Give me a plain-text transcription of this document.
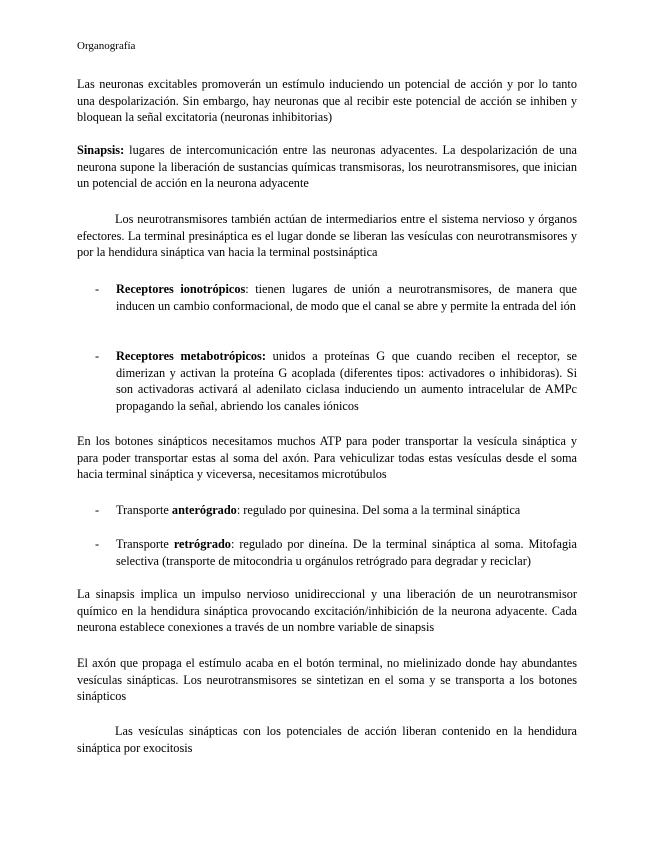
Organografía

Las neuronas excitables promoverán un estímulo induciendo un potencial de acción y por lo tanto una despolarización. Sin embargo, hay neuronas que al recibir este potencial de acción se inhiben y bloquean la señal excitatoria (neuronas inhibitorias)

Sinapsis: lugares de intercomunicación entre las neuronas adyacentes. La despolarización de una neurona supone la liberación de sustancias químicas transmisoras, los neurotransmisores, que inician un potencial de acción en la neurona adyacente

Los neurotransmisores también actúan de intermediarios entre el sistema nervioso y órganos efectores. La terminal presináptica es el lugar donde se liberan las vesículas con neurotransmisores y por la hendidura sináptica van hacia la terminal postsináptica

- Receptores ionotrópicos: tienen lugares de unión a neurotransmisores, de manera que inducen un cambio conformacional, de modo que el canal se abre y permite la entrada del ión
- Receptores metabotrópicos: unidos a proteínas G que cuando reciben el receptor, se dimerizan y activan la proteína G acoplada (diferentes tipos: activadores o inhibidoras). Si son activadoras activará al adenilato ciclasa induciendo un aumento intracelular de AMPc propagando la señal, abriendo los canales iónicos

En los botones sinápticos necesitamos muchos ATP para poder transportar la vesícula sináptica y para poder transportar estas al soma del axón. Para vehiculizar todas estas vesículas desde el soma hacia terminal sináptica y viceversa, necesitamos microtúbulos

- Transporte anterógrado: regulado por quinesina. Del soma a la terminal sináptica
- Transporte retrógrado: regulado por dineína. De la terminal sináptica al soma. Mitofagia selectiva (transporte de mitocondria u orgánulos retrógrado para degradar y reciclar)

La sinapsis implica un impulso nervioso unidireccional y una liberación de un neurotransmisor químico en la hendidura sináptica provocando excitación/inhibición de la neurona adyacente. Cada neurona establece conexiones a través de un nombre variable de sinapsis

El axón que propaga el estímulo acaba en el botón terminal, no mielinizado donde hay abundantes vesículas sinápticas. Los neurotransmisores se sintetizan en el soma y se transporta a los botones sinápticos

Las vesículas sinápticas con los potenciales de acción liberan contenido en la hendidura sináptica por exocitosis
